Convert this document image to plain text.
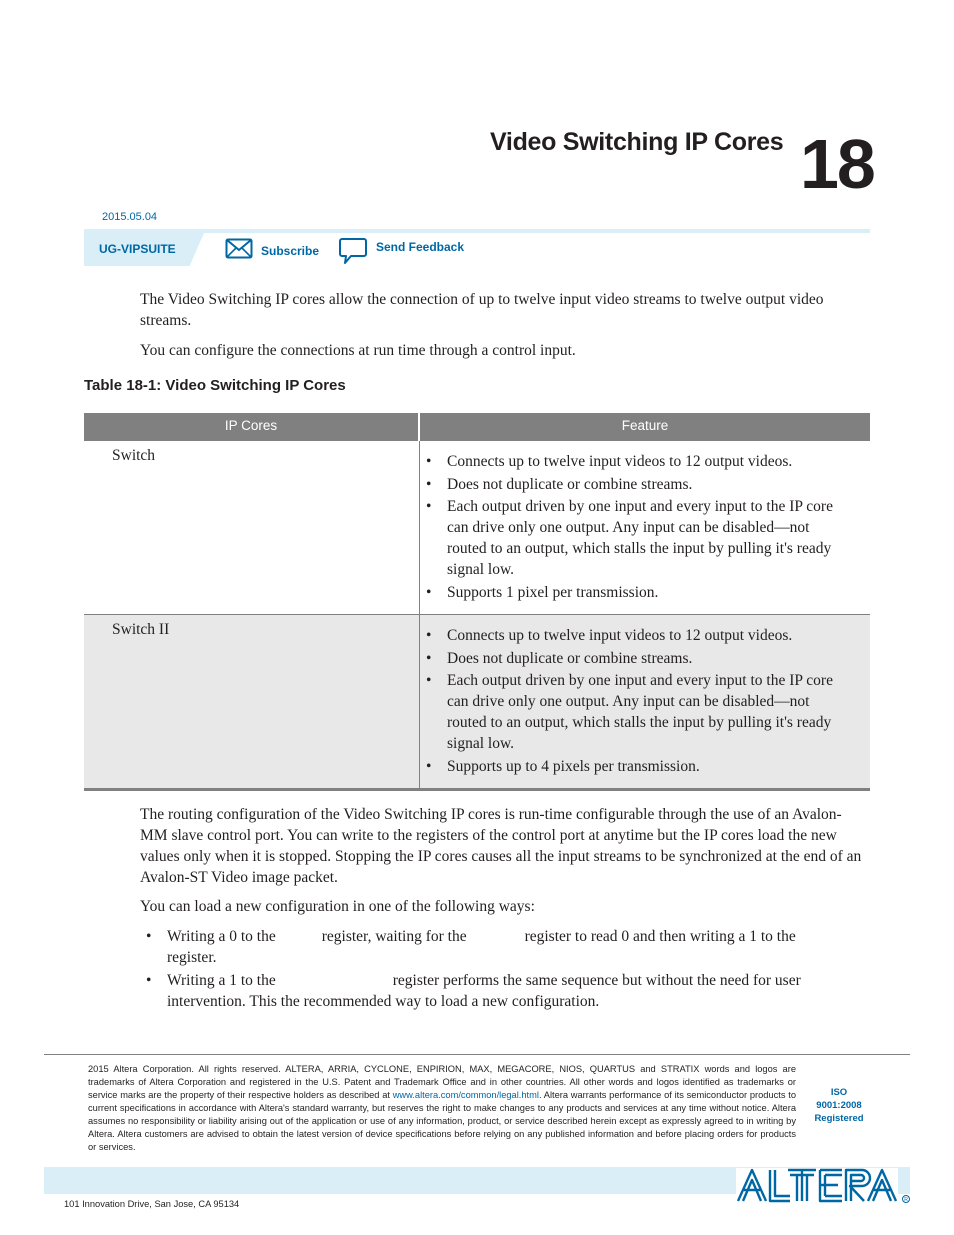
Video Switching IP Cores 18
2015.05.04
UG-VIPSUITE	Subscribe	Send Feedback

The Video Switching IP cores allow the connection of up to twelve input video streams to twelve output video streams.

You can configure the connections at run time through a control input.

Table 18-1: Video Switching IP Cores
IP Cores	Feature
Switch	• Connects up to twelve input videos to 12 output videos.
• Does not duplicate or combine streams.
• Each output driven by one input and every input to the IP core can drive only one output. Any input can be disabled—not routed to an output, which stalls the input by pulling it's ready signal low.
• Supports 1 pixel per transmission.
Switch II	• Connects up to twelve input videos to 12 output videos.
• Does not duplicate or combine streams.
• Each output driven by one input and every input to the IP core can drive only one output. Any input can be disabled—not routed to an output, which stalls the input by pulling it's ready signal low.
• Supports up to 4 pixels per transmission.

The routing configuration of the Video Switching IP cores is run-time configurable through the use of an Avalon-MM slave control port. You can write to the registers of the control port at anytime but the IP cores load the new values only when it is stopped. Stopping the IP cores causes all the input streams to be synchronized at the end of an Avalon-ST Video image packet.

You can load a new configuration in one of the following ways:

• Writing a 0 to the	register, waiting for the	register to read 0 and then writing a 1 to theregister.
• Writing a 1 to the	register performs the same sequence but without the need for user intervention. This the recommended way to load a new configuration.
2015 Altera Corporation. All rights reserved. ALTERA, ARRIA, CYCLONE, ENPIRION, MAX, MEGACORE, NIOS, QUARTUS and STRATIX words and logos are trademarks of Altera Corporation and registered in the U.S. Patent and Trademark Office and in other countries. All other words and logos identified as trademarks or service marks are the property of their respective holders as described at www.altera.com/common/legal.html. Altera warrants performance of its semiconductor products to current specifications in accordance with Altera's standard warranty, but reserves the right to make changes to any products and services at any time without notice. Altera assumes no responsibility or liability arising out of the application or use of any information, product, or service described herein except as expressly agreed to in writing by Altera. Altera customers are advised to obtain the latest version of device specifications before relying on any published information and before placing orders for products or services.
ISO
9001:2008
Registered
101 Innovation Drive, San Jose, CA 95134	R
